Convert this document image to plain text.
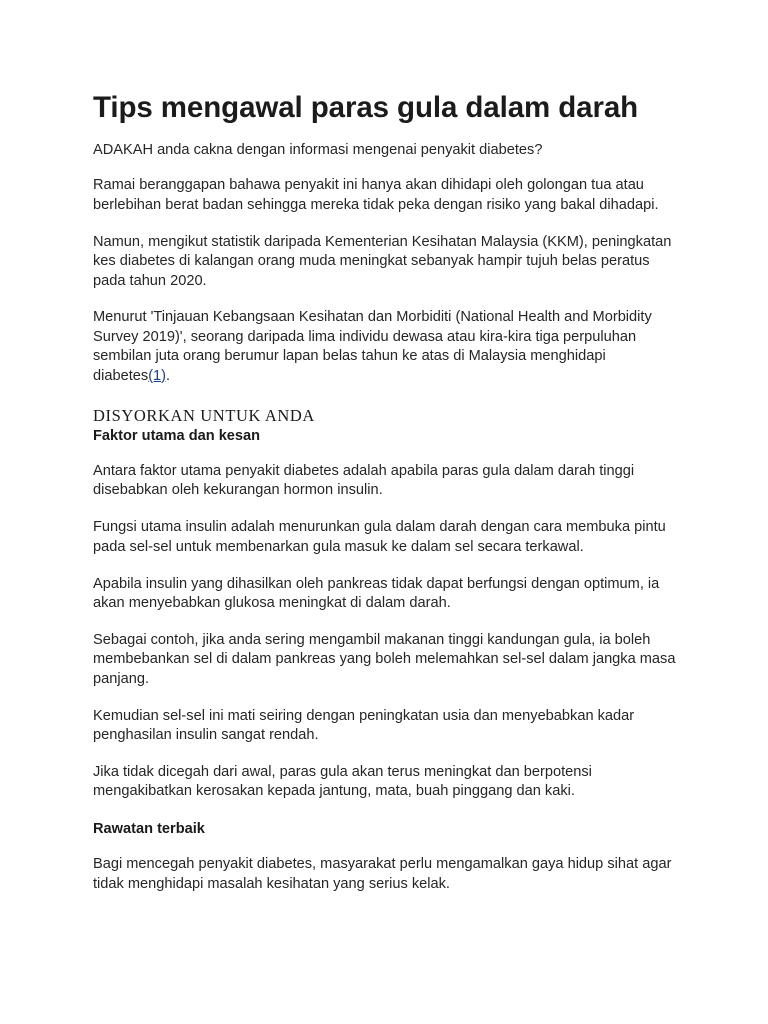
Tips mengawal paras gula dalam darah

ADAKAH anda cakna dengan informasi mengenai penyakit diabetes?

Ramai beranggapan bahawa penyakit ini hanya akan dihidapi oleh golongan tua atau berlebihan berat badan sehingga mereka tidak peka dengan risiko yang bakal dihadapi.

Namun, mengikut statistik daripada Kementerian Kesihatan Malaysia (KKM), peningkatan kes diabetes di kalangan orang muda meningkat sebanyak hampir tujuh belas peratus pada tahun 2020.

Menurut 'Tinjauan Kebangsaan Kesihatan dan Morbiditi (National Health and Morbidity Survey 2019)', seorang daripada lima individu dewasa atau kira-kira tiga perpuluhan sembilan juta orang berumur lapan belas tahun ke atas di Malaysia menghidapi diabetes(1).

DISYORKAN UNTUK ANDA
Faktor utama dan kesan

Antara faktor utama penyakit diabetes adalah apabila paras gula dalam darah tinggi disebabkan oleh kekurangan hormon insulin.

Fungsi utama insulin adalah menurunkan gula dalam darah dengan cara membuka pintu pada sel-sel untuk membenarkan gula masuk ke dalam sel secara terkawal.

Apabila insulin yang dihasilkan oleh pankreas tidak dapat berfungsi dengan optimum, ia akan menyebabkan glukosa meningkat di dalam darah.

Sebagai contoh, jika anda sering mengambil makanan tinggi kandungan gula, ia boleh membebankan sel di dalam pankreas yang boleh melemahkan sel-sel dalam jangka masa panjang.

Kemudian sel-sel ini mati seiring dengan peningkatan usia dan menyebabkan kadar penghasilan insulin sangat rendah.

Jika tidak dicegah dari awal, paras gula akan terus meningkat dan berpotensi mengakibatkan kerosakan kepada jantung, mata, buah pinggang dan kaki.

Rawatan terbaik

Bagi mencegah penyakit diabetes, masyarakat perlu mengamalkan gaya hidup sihat agar tidak menghidapi masalah kesihatan yang serius kelak.
